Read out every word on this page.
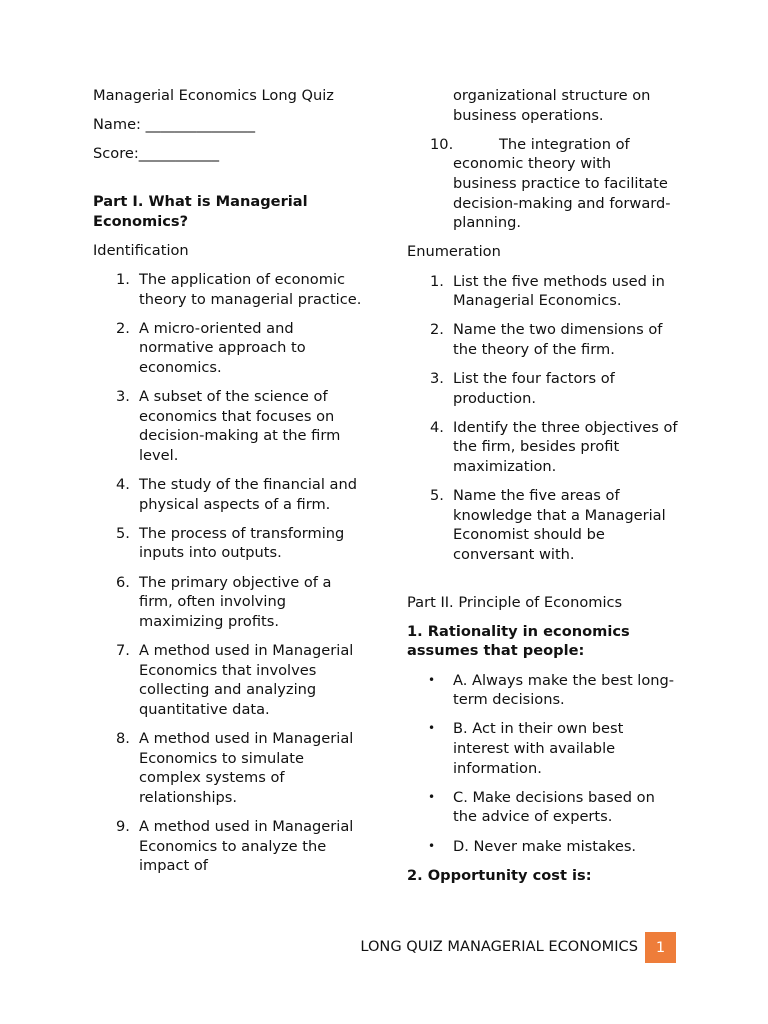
Managerial Economics Long Quiz

Name: _______________

Score:___________

Part I. What is Managerial Economics?

Identification

1. The application of economic theory to managerial practice.
2. A micro-oriented and normative approach to economics.
3. A subset of the science of economics that focuses on decision-making at the firm level.
4. The study of the financial and physical aspects of a firm.
5. The process of transforming inputs into outputs.
6. The primary objective of a firm, often involving maximizing profits.
7. A method used in Managerial Economics that involves collecting and analyzing quantitative data.
8. A method used in Managerial Economics to simulate complex systems of relationships.
9. A method used in Managerial Economics to analyze the impact of
organizational structure on business operations.
10.	The integration of economic theory with business practice to facilitate decision-making and forward-planning.

Enumeration

1. List the five methods used in Managerial Economics.
2. Name the two dimensions of the theory of the firm.
3. List the four factors of production.
4. Identify the three objectives of the firm, besides profit maximization.
5. Name the five areas of knowledge that a Managerial Economist should be conversant with.

Part II. Principle of Economics

1. Rationality in economics assumes that people:

• A. Always make the best long-term decisions.
• B. Act in their own best interest with available information.
• C. Make decisions based on the advice of experts.
• D. Never make mistakes.

2. Opportunity cost is:

LONG QUIZ MANAGERIAL ECONOMICS	1
